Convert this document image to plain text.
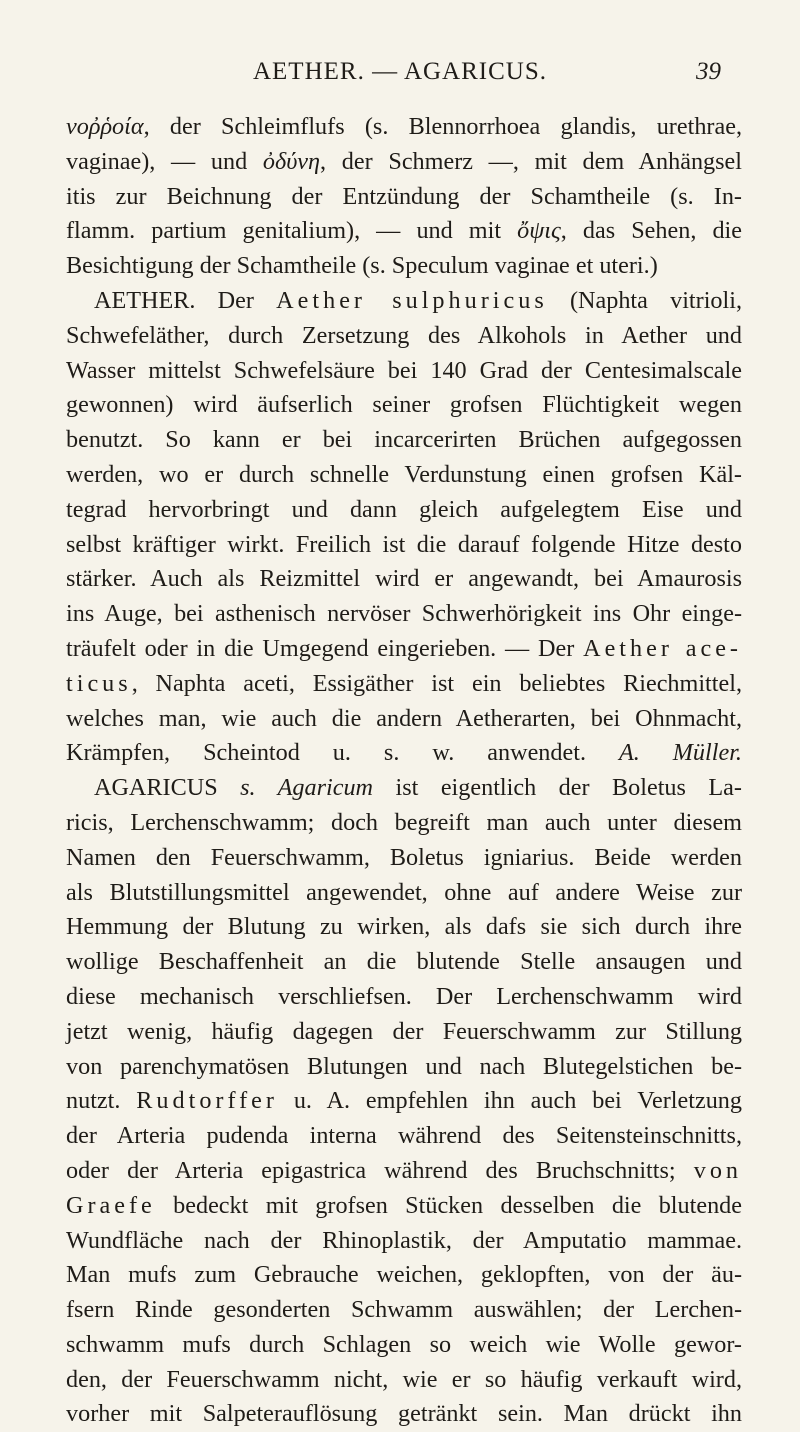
AETHER. — AGARICUS.	39
νοῤῥοία, der Schleimflufs (s. Blennorrhoea glandis, urethrae,
vaginae), — und ὀδύνη, der Schmerz —, mit dem Anhängsel
itis zur Beichnung der Entzündung der Schamtheile (s. In-
flamm. partium genitalium), — und mit ὄψις, das Sehen, die
Besichtigung der Schamtheile (s. Speculum vaginae et uteri.)
AETHER. Der Aether sulphuricus (Naphta vitrioli,
Schwefeläther, durch Zersetzung des Alkohols in Aether und
Wasser mittelst Schwefelsäure bei 140 Grad der Centesimalscale
gewonnen) wird äufserlich seiner grofsen Flüchtigkeit wegen
benutzt. So kann er bei incarcerirten Brüchen aufgegossen
werden, wo er durch schnelle Verdunstung einen grofsen Käl-
tegrad hervorbringt und dann gleich aufgelegtem Eise und
selbst kräftiger wirkt. Freilich ist die darauf folgende Hitze desto
stärker. Auch als Reizmittel wird er angewandt, bei Amaurosis
ins Auge, bei asthenisch nervöser Schwerhörigkeit ins Ohr einge-
träufelt oder in die Umgegend eingerieben. — Der Aether ace-
ticus, Naphta aceti, Essigäther ist ein beliebtes Riechmittel,
welches man, wie auch die andern Aetherarten, bei Ohnmacht,
Krämpfen, Scheintod u. s. w. anwendet. A. Müller.
AGARICUS s. Agaricum ist eigentlich der Boletus La-
ricis, Lerchenschwamm; doch begreift man auch unter diesem
Namen den Feuerschwamm, Boletus igniarius. Beide werden
als Blutstillungsmittel angewendet, ohne auf andere Weise zur
Hemmung der Blutung zu wirken, als dafs sie sich durch ihre
wollige Beschaffenheit an die blutende Stelle ansaugen und
diese mechanisch verschliefsen. Der Lerchenschwamm wird
jetzt wenig, häufig dagegen der Feuerschwamm zur Stillung
von parenchymatösen Blutungen und nach Blutegelstichen be-
nutzt. Rudtorffer u. A. empfehlen ihn auch bei Verletzung
der Arteria pudenda interna während des Seitensteinschnitts,
oder der Arteria epigastrica während des Bruchschnitts; von
Graefe bedeckt mit grofsen Stücken desselben die blutende
Wundfläche nach der Rhinoplastik, der Amputatio mammae.
Man mufs zum Gebrauche weichen, geklopften, von der äu-
fsern Rinde gesonderten Schwamm auswählen; der Lerchen-
schwamm mufs durch Schlagen so weich wie Wolle gewor-
den, der Feuerschwamm nicht, wie er so häufig verkauft wird,
vorher mit Salpeterauflösung getränkt sein. Man drückt ihn
